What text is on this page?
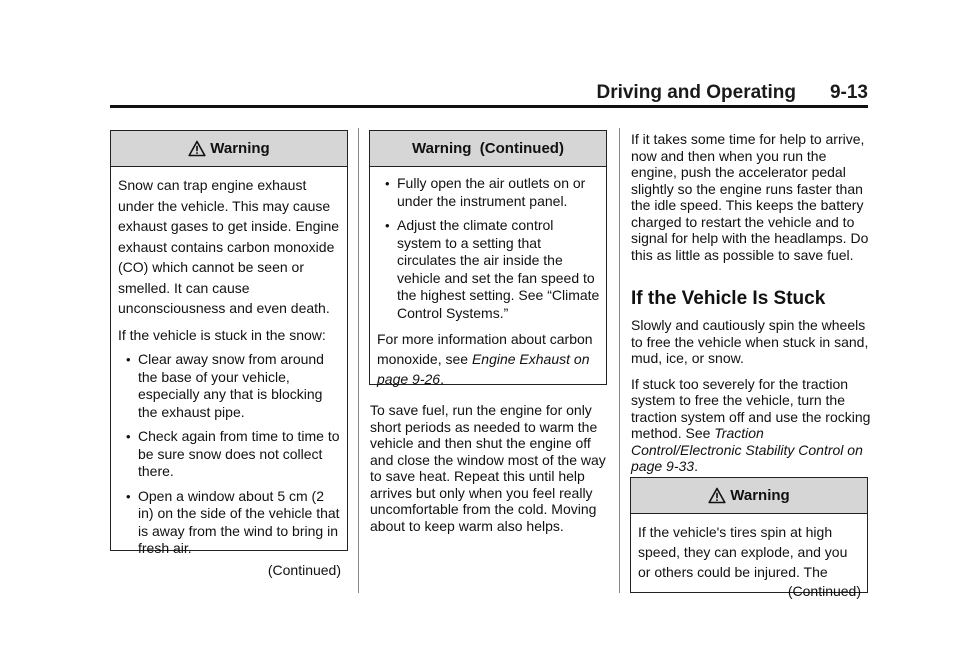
Driving and Operating 9-13
Warning

Snow can trap engine exhaust under the vehicle. This may cause exhaust gases to get inside. Engine exhaust contains carbon monoxide (CO) which cannot be seen or smelled. It can cause unconsciousness and even death.

If the vehicle is stuck in the snow:

• Clear away snow from around the base of your vehicle, especially any that is blocking the exhaust pipe.
• Check again from time to time to be sure snow does not collect there.
• Open a window about 5 cm (2 in) on the side of the vehicle that is away from the wind to bring in fresh air.
(Continued)
Warning  (Continued)
• Fully open the air outlets on or under the instrument panel.
• Adjust the climate control system to a setting that circulates the air inside the vehicle and set the fan speed to the highest setting. See “Climate Control Systems.”

For more information about carbon monoxide, see Engine Exhaust on page 9-26.

To save fuel, run the engine for only short periods as needed to warm the vehicle and then shut the engine off and close the window most of the way to save heat. Repeat this until help arrives but only when you feel really uncomfortable from the cold. Moving about to keep warm also helps.

If it takes some time for help to arrive, now and then when you run the engine, push the accelerator pedal slightly so the engine runs faster than the idle speed. This keeps the battery charged to restart the vehicle and to signal for help with the headlamps. Do this as little as possible to save fuel.

If the Vehicle Is Stuck

Slowly and cautiously spin the wheels to free the vehicle when stuck in sand, mud, ice, or snow.

If stuck too severely for the traction system to free the vehicle, turn the traction system off and use the rocking method. See Traction Control/Electronic Stability Control on page 9-33.

Warning

If the vehicle's tires spin at high speed, they can explode, and you or others could be injured. The

(Continued)
